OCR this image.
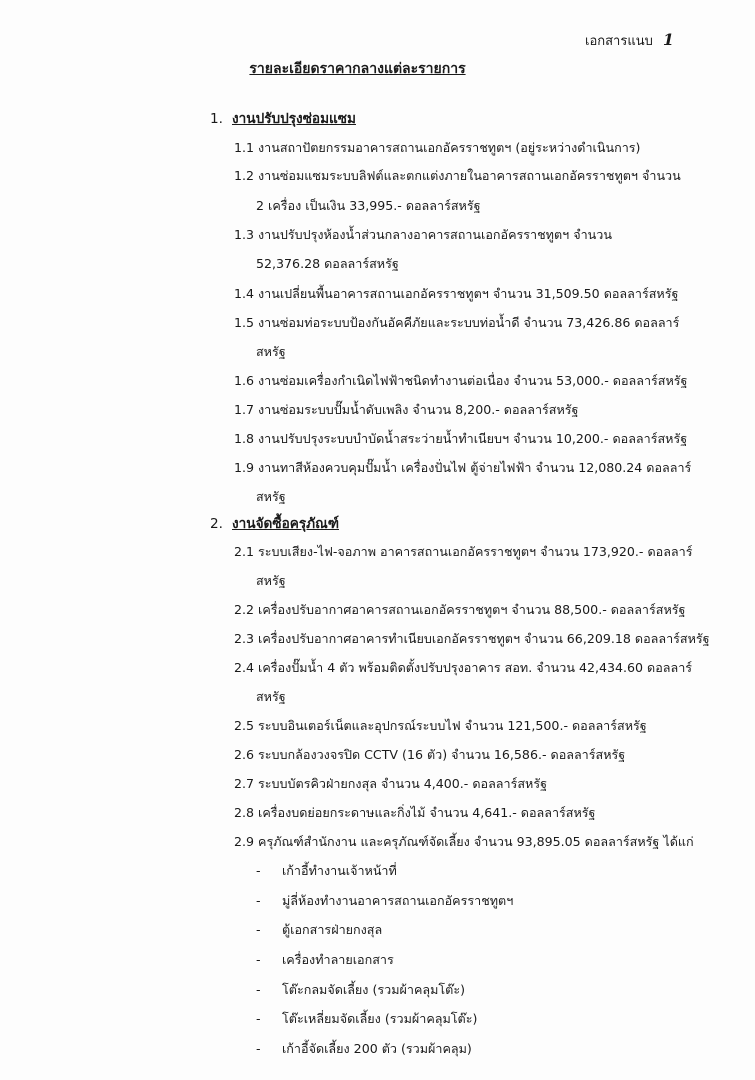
เอกสารแนบ 1
รายละเอียดราคากลางแต่ละรายการ
1. งานปรับปรุงซ่อมแซม
1.1 งานสถาปัตยกรรมอาคารสถานเอกอัครราชทูตฯ (อยู่ระหว่างดำเนินการ)
1.2 งานซ่อมแซมระบบลิฟต์และตกแต่งภายในอาคารสถานเอกอัครราชทูตฯ จำนวน
2 เครื่อง เป็นเงิน 33,995.- ดอลลาร์สหรัฐ
1.3 งานปรับปรุงห้องน้ำส่วนกลางอาคารสถานเอกอัครราชทูตฯ จำนวน
52,376.28 ดอลลาร์สหรัฐ
1.4 งานเปลี่ยนพื้นอาคารสถานเอกอัครราชทูตฯ จำนวน 31,509.50 ดอลลาร์สหรัฐ
1.5 งานซ่อมท่อระบบป้องกันอัคคีภัยและระบบท่อน้ำดี จำนวน 73,426.86 ดอลลาร์
สหรัฐ
1.6 งานซ่อมเครื่องกำเนิดไฟฟ้าชนิดทำงานต่อเนื่อง จำนวน 53,000.- ดอลลาร์สหรัฐ
1.7 งานซ่อมระบบปั๊มน้ำดับเพลิง จำนวน 8,200.- ดอลลาร์สหรัฐ
1.8 งานปรับปรุงระบบบำบัดน้ำสระว่ายน้ำทำเนียบฯ จำนวน 10,200.- ดอลลาร์สหรัฐ
1.9 งานทาสีห้องควบคุมปั๊มน้ำ เครื่องปั่นไฟ ตู้จ่ายไฟฟ้า จำนวน 12,080.24 ดอลลาร์
สหรัฐ
2. งานจัดซื้อครุภัณฑ์
2.1 ระบบเสียง-ไฟ-จอภาพ อาคารสถานเอกอัครราชทูตฯ จำนวน 173,920.- ดอลลาร์
สหรัฐ
2.2 เครื่องปรับอากาศอาคารสถานเอกอัครราชทูตฯ จำนวน 88,500.- ดอลลาร์สหรัฐ
2.3 เครื่องปรับอากาศอาคารทำเนียบเอกอัครราชทูตฯ จำนวน 66,209.18 ดอลลาร์สหรัฐ
2.4 เครื่องปั๊มน้ำ 4 ตัว พร้อมติดตั้งปรับปรุงอาคาร สอท. จำนวน 42,434.60 ดอลลาร์
สหรัฐ
2.5 ระบบอินเตอร์เน็ตและอุปกรณ์ระบบไฟ จำนวน 121,500.- ดอลลาร์สหรัฐ
2.6 ระบบกล้องวงจรปิด CCTV (16 ตัว) จำนวน 16,586.- ดอลลาร์สหรัฐ
2.7 ระบบบัตรคิวฝ่ายกงสุล จำนวน 4,400.- ดอลลาร์สหรัฐ
2.8 เครื่องบดย่อยกระดาษและกิ่งไม้ จำนวน 4,641.- ดอลลาร์สหรัฐ
2.9 ครุภัณฑ์สำนักงาน และครุภัณฑ์จัดเลี้ยง จำนวน 93,895.05 ดอลลาร์สหรัฐ ได้แก่
- เก้าอี้ทำงานเจ้าหน้าที่
- มู่ลี่ห้องทำงานอาคารสถานเอกอัครราชทูตฯ
- ตู้เอกสารฝ่ายกงสุล
- เครื่องทำลายเอกสาร
- โต๊ะกลมจัดเลี้ยง (รวมผ้าคลุมโต๊ะ)
- โต๊ะเหลี่ยมจัดเลี้ยง (รวมผ้าคลุมโต๊ะ)
- เก้าอี้จัดเลี้ยง 200 ตัว (รวมผ้าคลุม)
